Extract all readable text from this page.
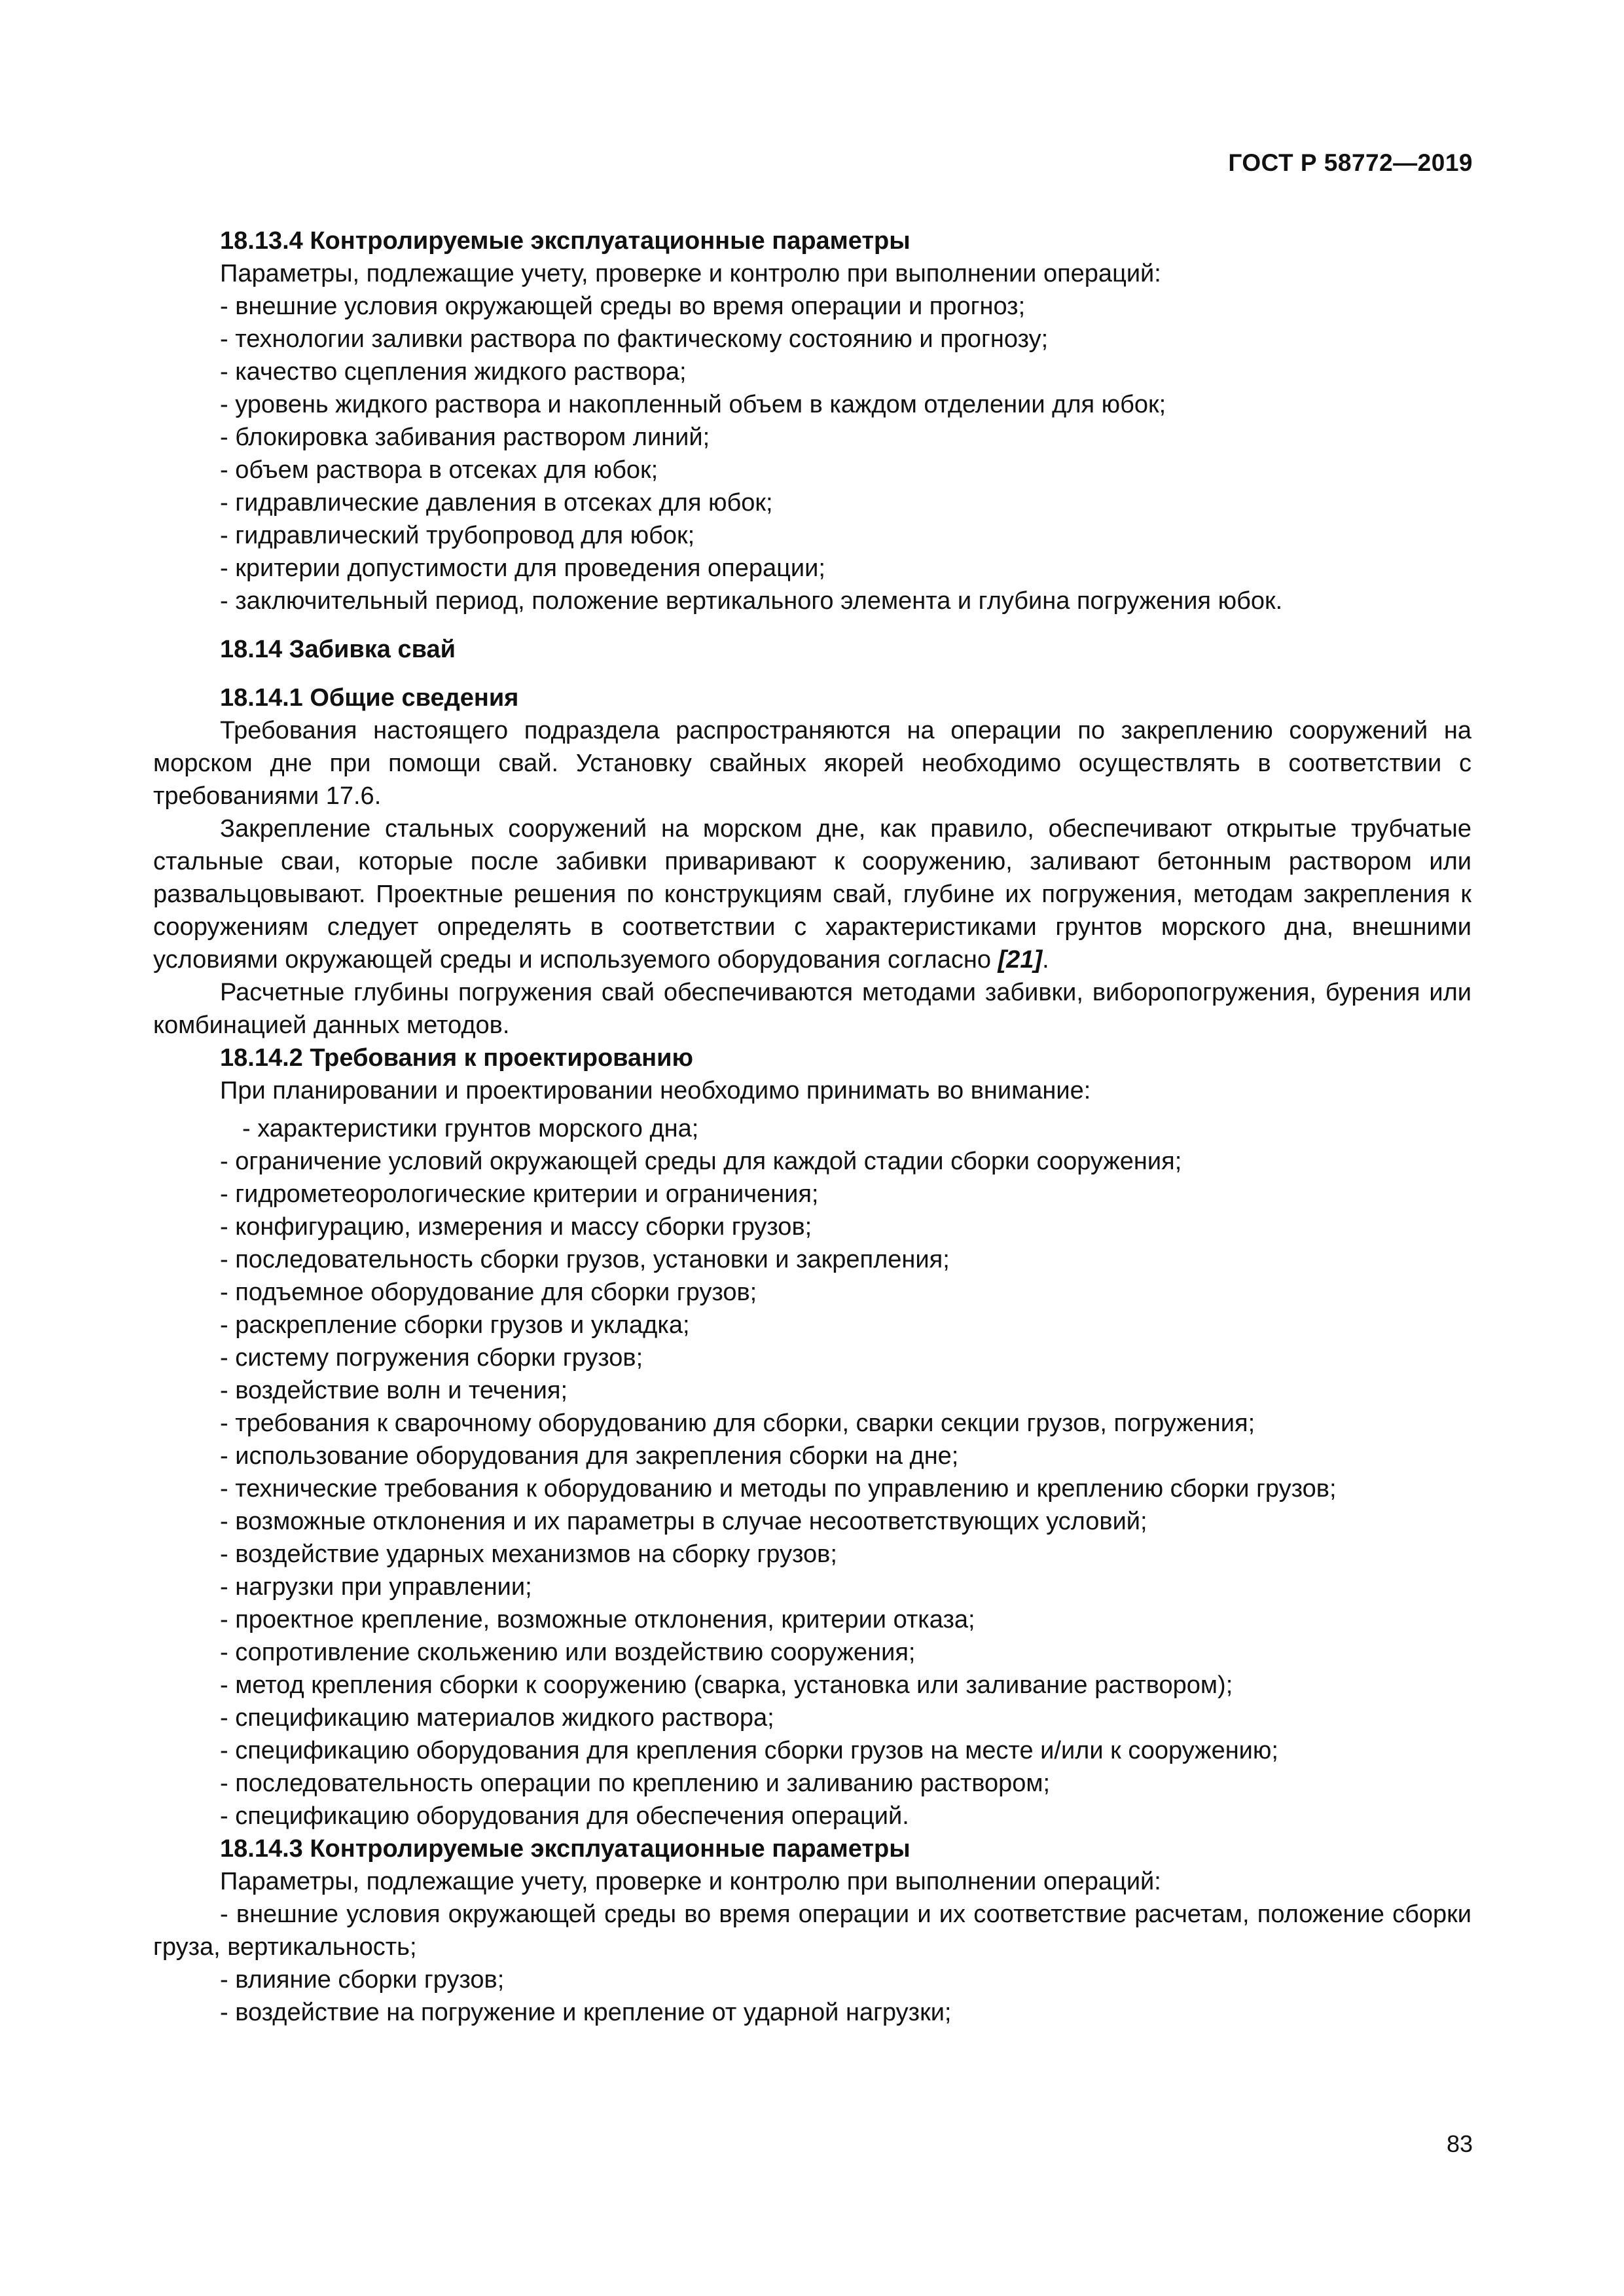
ГОСТ Р 58772—2019

18.13.4 Контролируемые эксплуатационные параметры

Параметры, подлежащие учету, проверке и контролю при выполнении операций:

- внешние условия окружающей среды во время операции и прогноз;

- технологии заливки раствора по фактическому состоянию и прогнозу;

- качество сцепления жидкого раствора;

- уровень жидкого раствора и накопленный объем в каждом отделении для юбок;

- блокировка забивания раствором линий;

- объем раствора в отсеках для юбок;

- гидравлические давления в отсеках для юбок;

- гидравлический трубопровод для юбок;

- критерии допустимости для проведения операции;

- заключительный период, положение вертикального элемента и глубина погружения юбок.

18.14 Забивка свай

18.14.1 Общие сведения

Требования настоящего подраздела распространяются на операции по закреплению сооружений на морском дне при помощи свай. Установку свайных якорей необходимо осуществлять в соответствии с требованиями 17.6.

Закрепление стальных сооружений на морском дне, как правило, обеспечивают открытые трубчатые стальные сваи, которые после забивки приваривают к сооружению, заливают бетонным раствором или развальцовывают. Проектные решения по конструкциям свай, глубине их погружения, методам закрепления к сооружениям следует определять в соответствии с характеристиками грунтов морского дна, внешними условиями окружающей среды и используемого оборудования согласно [21].

Расчетные глубины погружения свай обеспечиваются методами забивки, виборопогружения, бурения или комбинацией данных методов.

18.14.2 Требования к проектированию

При планировании и проектировании необходимо принимать во внимание:

- характеристики грунтов морского дна;

- ограничение условий окружающей среды для каждой стадии сборки сооружения;

- гидрометеорологические критерии и ограничения;

- конфигурацию, измерения и массу сборки грузов;

- последовательность сборки грузов, установки и закрепления;

- подъемное оборудование для сборки грузов;

- раскрепление сборки грузов и укладка;

- систему погружения сборки грузов;

- воздействие волн и течения;

- требования к сварочному оборудованию для сборки, сварки секции грузов, погружения;

- использование оборудования для закрепления сборки на дне;

- технические требования к оборудованию и методы по управлению и креплению сборки грузов;

- возможные отклонения и их параметры в случае несоответствующих условий;

- воздействие ударных механизмов на сборку грузов;

- нагрузки при управлении;

- проектное крепление, возможные отклонения, критерии отказа;

- сопротивление скольжению или воздействию сооружения;

- метод крепления сборки к сооружению (сварка, установка или заливание раствором);

- спецификацию материалов жидкого раствора;

- спецификацию оборудования для крепления сборки грузов на месте и/или к сооружению;

- последовательность операции по креплению и заливанию раствором;

- спецификацию оборудования для обеспечения операций.

18.14.3 Контролируемые эксплуатационные параметры

Параметры, подлежащие учету, проверке и контролю при выполнении операций:

- внешние условия окружающей среды во время операции и их соответствие расчетам, положение сборки груза, вертикальность;

- влияние сборки грузов;

- воздействие на погружение и крепление от ударной нагрузки;

83
